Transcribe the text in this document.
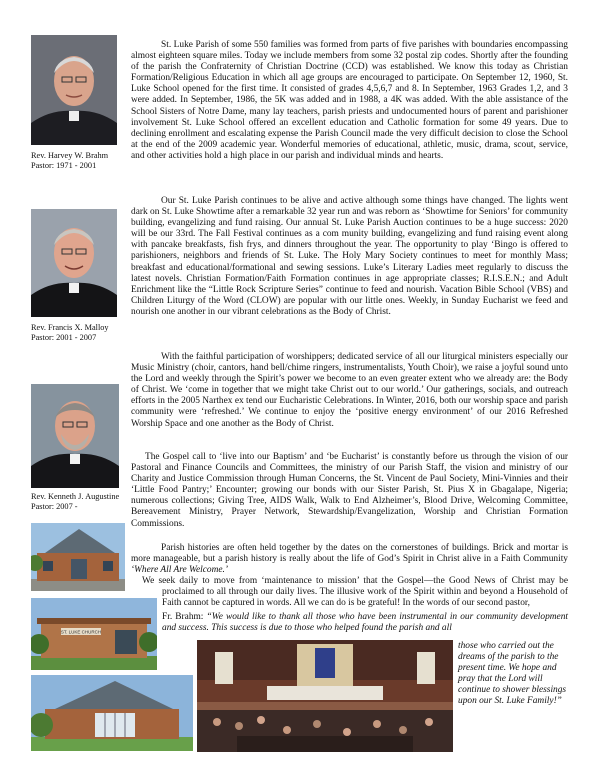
Rev. Harvey W. Brahm
Pastor: 1971 - 2001
Rev. Francis X. Malloy
Pastor: 2001 - 2007
Rev. Kenneth J. Augustine
Pastor: 2007 -
ST. LUKE CHURCH

St. Luke Parish of some 550 families was formed from parts of five parishes with boundaries encompassing almost eighteen square miles. Today we include members from some 32 postal zip codes. Shortly after the founding of the parish the Confraternity of Christian Doctrine (CCD) was established. We know this today as Christian Formation/Religious Education in which all age groups are encouraged to participate. On September 12, 1960, St. Luke School opened for the first time. It consisted of grades 4,5,6,7 and 8. In September, 1963 Grades 1,2, and 3 were added. In September, 1986, the 5K was added and in 1988, a 4K was added. With the able assistance of the School Sisters of Notre Dame, many lay teachers, parish priests and undocumented hours of parent and parishioner involvement St. Luke School offered an excellent education and Catholic formation for some 49 years. Due to declining enrollment and escalating expense the Parish Council made the very difficult decision to close the School at the end of the 2009 academic year. Wonderful memories of educational, athletic, music, drama, scout, service, and other activities hold a high place in our parish and individual minds and hearts.

Our St. Luke Parish continues to be alive and active although some things have changed. The lights went dark on St. Luke Showtime after a remarkable 32 year run and was reborn as ‘Showtime for Seniors’ for community building, evangelizing and fund raising. Our annual St. Luke Parish Auction continues to be a huge success: 2020 will be our 33rd. The Fall Festival continues as a com munity building, evangelizing and fund raising event along with pancake breakfasts, fish frys, and dinners throughout the year. The opportunity to play ‘Bingo is offered to parishioners, neighbors and friends of St. Luke. The Holy Mary Society continues to meet for monthly Mass; breakfast and educational/formational and sewing sessions. Luke’s Literary Ladies meet regularly to discuss the latest novels. Christian Formation/Faith Formation continues in age appropriate classes; R.I.S.E.N.; and Adult Enrichment like the “Little Rock Scripture Series” continue to feed and nourish. Vacation Bible School (VBS) and Children Liturgy of the Word (CLOW) are popular with our little ones. Weekly, in Sunday Eucharist we feed and nourish one another in our vibrant celebrations as the Body of Christ.

With the faithful participation of worshippers; dedicated service of all our liturgical ministers especially our Music Ministry (choir, cantors, hand bell/chime ringers, instrumentalists, Youth Choir), we raise a joyful sound unto the Lord and weekly through the Spirit’s power we become to an even greater extent who we already are: the Body of Christ. We ‘come in together that we might take Christ out to our world.’ Our gatherings, socials, and outreach efforts in the 2005 Narthex ex tend our Eucharistic Celebrations. In Winter, 2016, both our worship space and parish community were ‘refreshed.’ We continue to enjoy the ‘positive energy environment’ of our 2016 Refreshed Worship Space and one another as the Body of Christ.

The Gospel call to ‘live into our Baptism’ and ‘be Eucharist’ is constantly before us through the vision of our Pastoral and Finance Councils and Committees, the ministry of our Parish Staff, the vision and ministry of our Charity and Justice Commission through Human Concerns, the St. Vincent de Paul Society, Mini-Vinnies and their ‘Little Food Pantry;’ Encounter; growing our bonds with our Sister Parish, St. Pius X in Gbagalape, Nigeria; numerous collections; Giving Tree, AIDS Walk, Walk to End Alzheimer’s, Blood Drive, Welcoming Committee, Bereavement Ministry, Prayer Network, Stewardship/Evangelization, Worship and Christian Formation Commissions.

Parish histories are often held together by the dates on the cornerstones of buildings. Brick and mortar is more manageable, but a parish history is really about the life of God’s Spirit in Christ alive in a Faith Community ‘Where All Are Welcome.’

We seek daily to move from ‘maintenance to mission’ that the Gospel—the Good News of Christ may be proclaimed to all through our daily lives. The illusive work of the Spirit within and beyond a Household of Faith cannot be captured in words. All we can do is be grateful! In the words of our second pastor,

Fr. Brahm: “We would like to thank all those who have been instrumental in our community development and success. This success is due to those who helped found the parish and all

those who carried out the dreams of the parish to the present time. We hope and pray that the Lord will continue to shower blessings upon our St. Luke Family!”
